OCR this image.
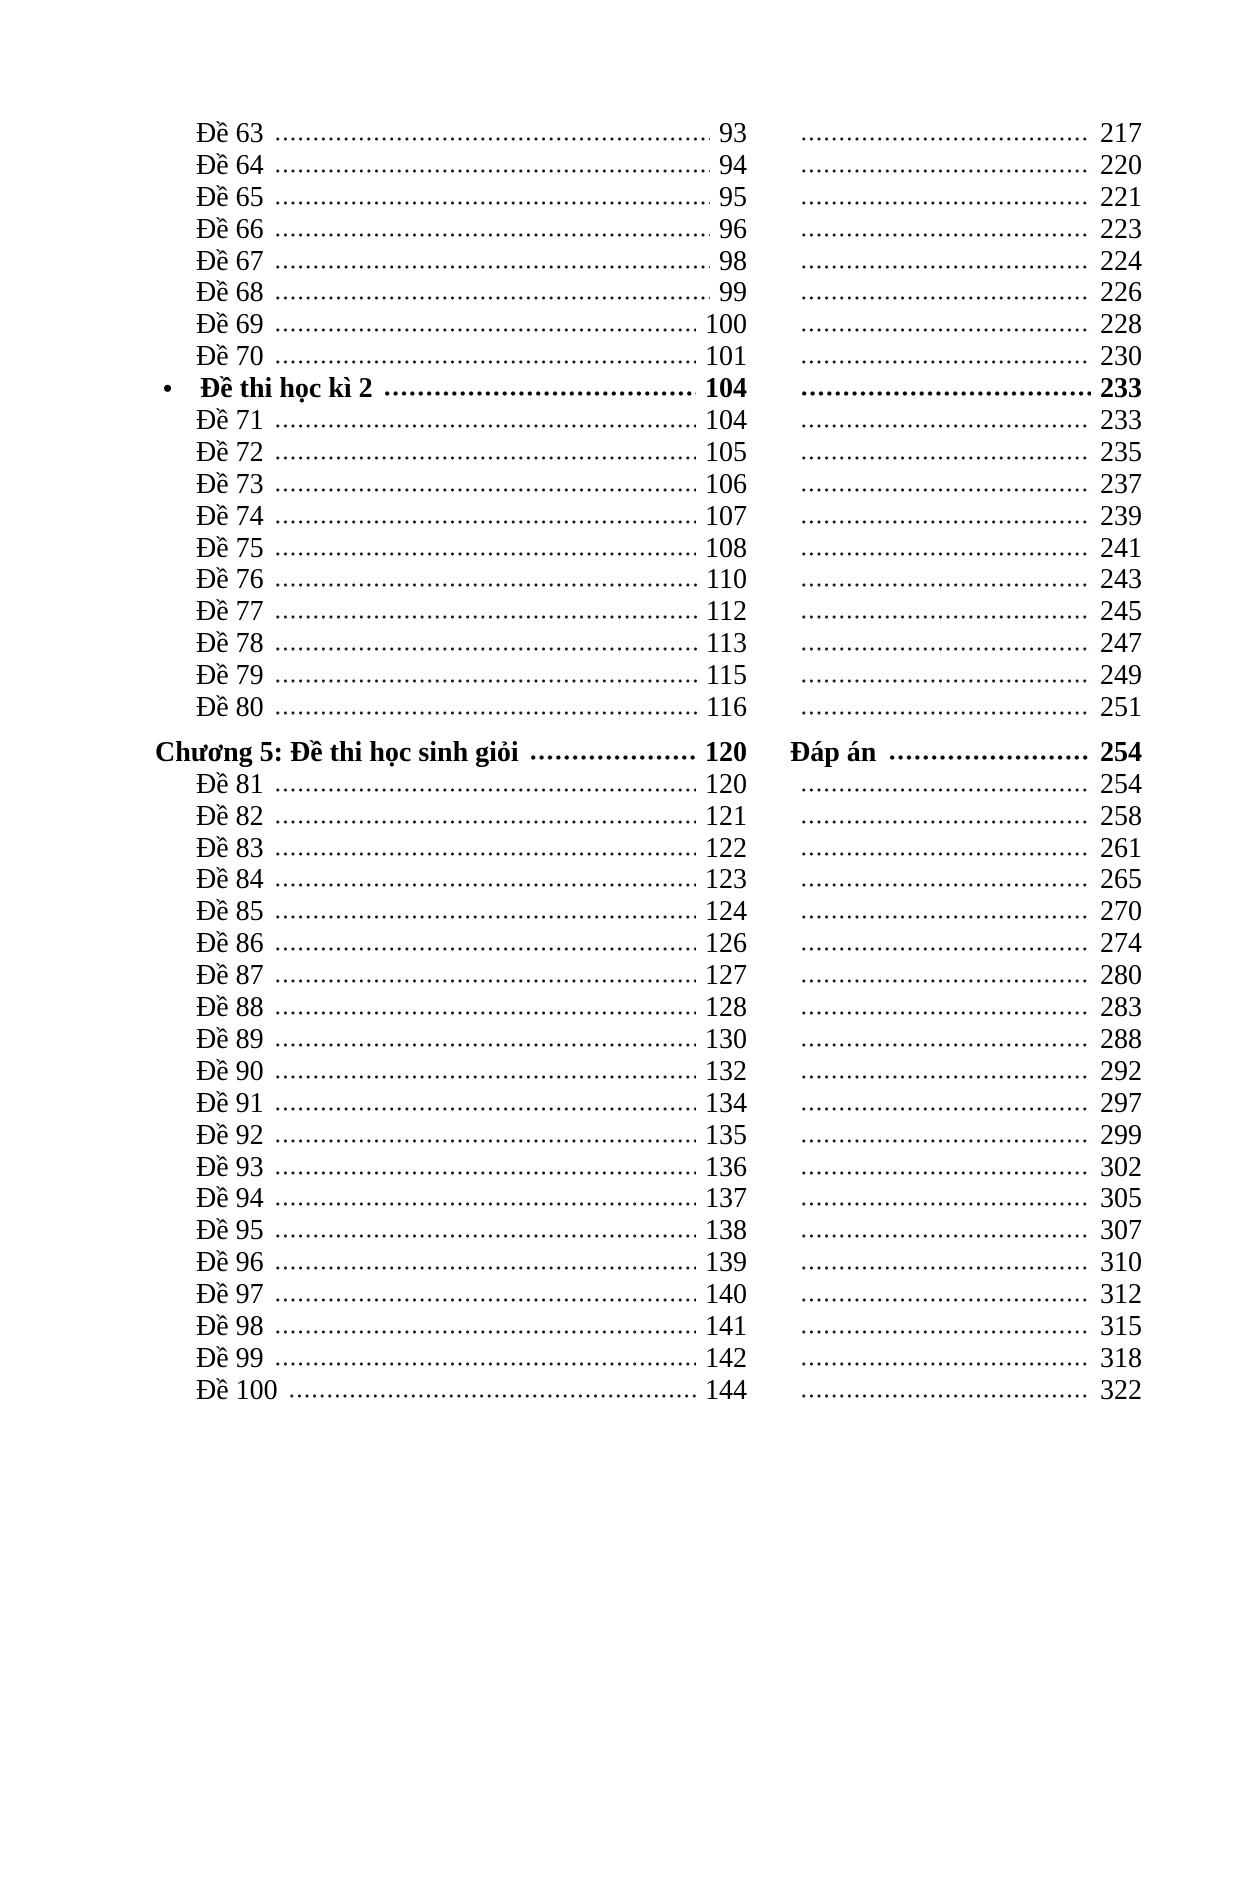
Đề 63	93	217
Đề 64	94	220
Đề 65	95	221
Đề 66	96	223
Đề 67	98	224
Đề 68	99	226
Đề 69	100	228
Đề 70	101	230
•
Đề thi học kì 2	104	233
Đề 71	104	233
Đề 72	105	235
Đề 73	106	237
Đề 74	107	239
Đề 75	108	241
Đề 76	110	243
Đề 77	112	245
Đề 78	113	247
Đề 79	115	249
Đề 80	116	251
Chương 5: Đề thi học sinh giỏi	120 Đáp án	254
Đề 81	120	254
Đề 82	121	258
Đề 83	122	261
Đề 84	123	265
Đề 85	124	270
Đề 86	126	274
Đề 87	127	280
Đề 88	128	283
Đề 89	130	288
Đề 90	132	292
Đề 91	134	297
Đề 92	135	299
Đề 93	136	302
Đề 94	137	305
Đề 95	138	307
Đề 96	139	310
Đề 97	140	312
Đề 98	141	315
Đề 99	142	318
Đề 100	144	322
